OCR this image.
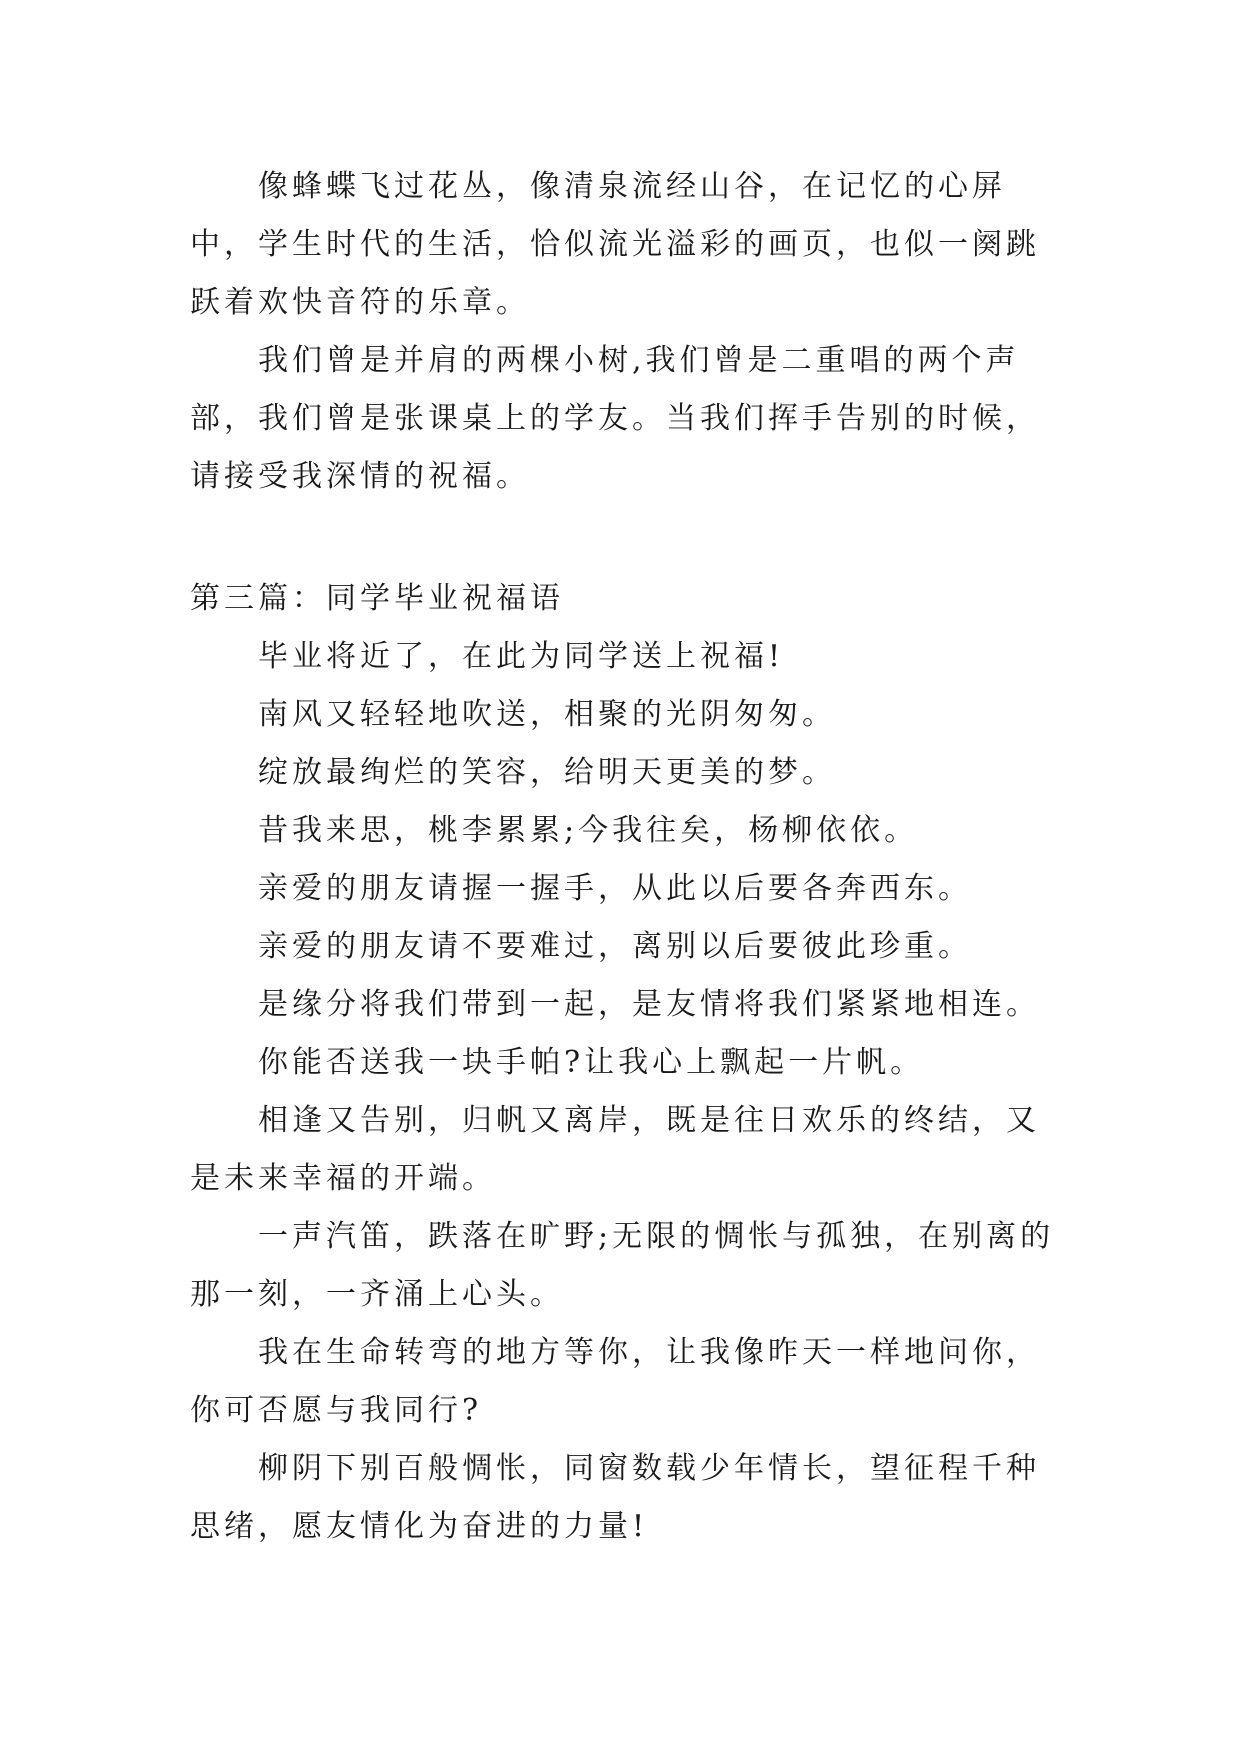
像蜂蝶飞过花丛，像清泉流经山谷，在记忆的心屏中，学生时代的生活，恰似流光溢彩的画页，也似一阕跳跃着欢快音符的乐章。

我们曾是并肩的两棵小树,我们曾是二重唱的两个声部，我们曾是张课桌上的学友。当我们挥手告别的时候，请接受我深情的祝福。

第三篇：同学毕业祝福语

毕业将近了，在此为同学送上祝福!

南风又轻轻地吹送，相聚的光阴匆匆。

绽放最绚烂的笑容，给明天更美的梦。

昔我来思，桃李累累;今我往矣，杨柳依依。

亲爱的朋友请握一握手，从此以后要各奔西东。

亲爱的朋友请不要难过，离别以后要彼此珍重。

是缘分将我们带到一起，是友情将我们紧紧地相连。

你能否送我一块手帕?让我心上飘起一片帆。

相逢又告别，归帆又离岸，既是往日欢乐的终结，又是未来幸福的开端。

一声汽笛，跌落在旷野;无限的惆怅与孤独，在别离的那一刻，一齐涌上心头。

我在生命转弯的地方等你，让我像昨天一样地问你，你可否愿与我同行?

柳阴下别百般惆怅，同窗数载少年情长，望征程千种思绪，愿友情化为奋进的力量!
